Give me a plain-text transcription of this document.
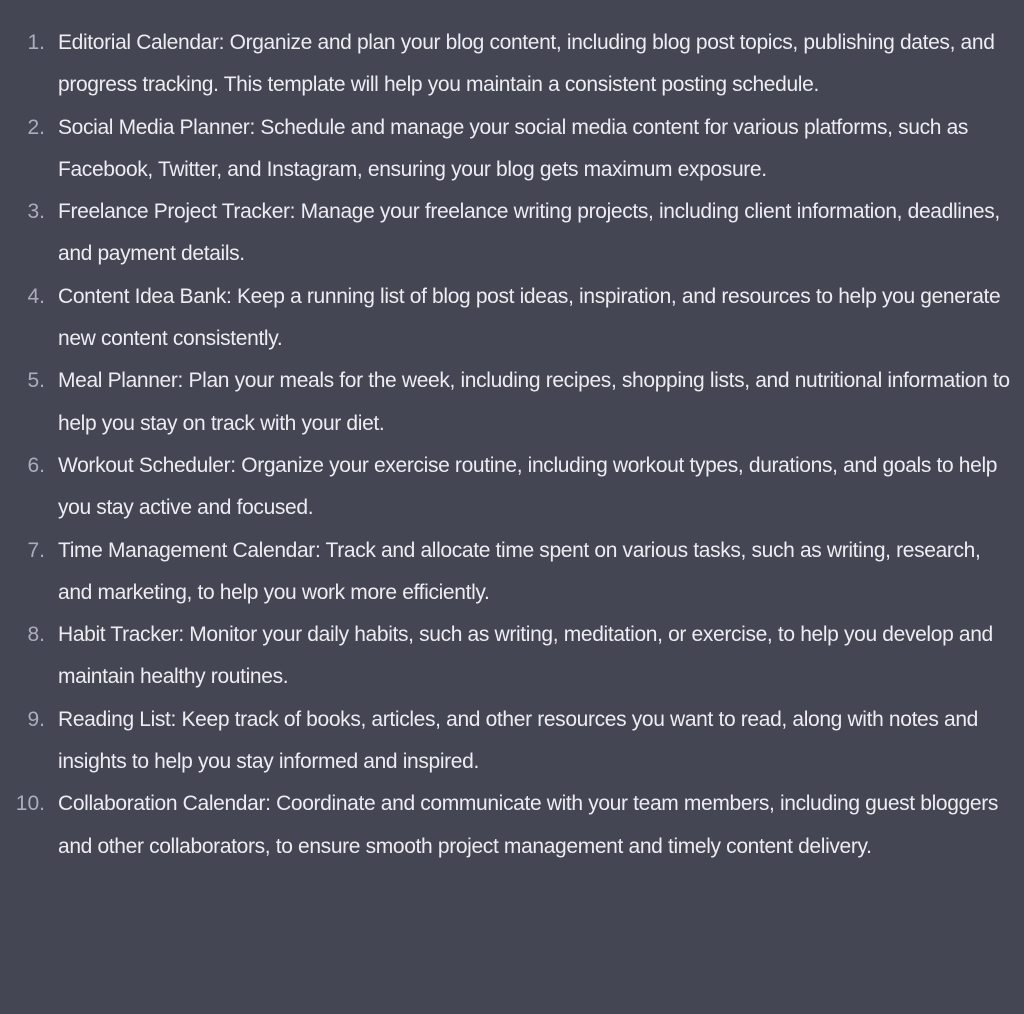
1. Editorial Calendar: Organize and plan your blog content, including blog post topics, publishing dates, and progress tracking. This template will help you maintain a consistent posting schedule.
2. Social Media Planner: Schedule and manage your social media content for various platforms, such as Facebook, Twitter, and Instagram, ensuring your blog gets maximum exposure.
3. Freelance Project Tracker: Manage your freelance writing projects, including client information, deadlines, and payment details.
4. Content Idea Bank: Keep a running list of blog post ideas, inspiration, and resources to help you generate new content consistently.
5. Meal Planner: Plan your meals for the week, including recipes, shopping lists, and nutritional information to help you stay on track with your diet.
6. Workout Scheduler: Organize your exercise routine, including workout types, durations, and goals to help you stay active and focused.
7. Time Management Calendar: Track and allocate time spent on various tasks, such as writing, research, and marketing, to help you work more efficiently.
8. Habit Tracker: Monitor your daily habits, such as writing, meditation, or exercise, to help you develop and maintain healthy routines.
9. Reading List: Keep track of books, articles, and other resources you want to read, along with notes and insights to help you stay informed and inspired.
10. Collaboration Calendar: Coordinate and communicate with your team members, including guest bloggers and other collaborators, to ensure smooth project management and timely content delivery.
